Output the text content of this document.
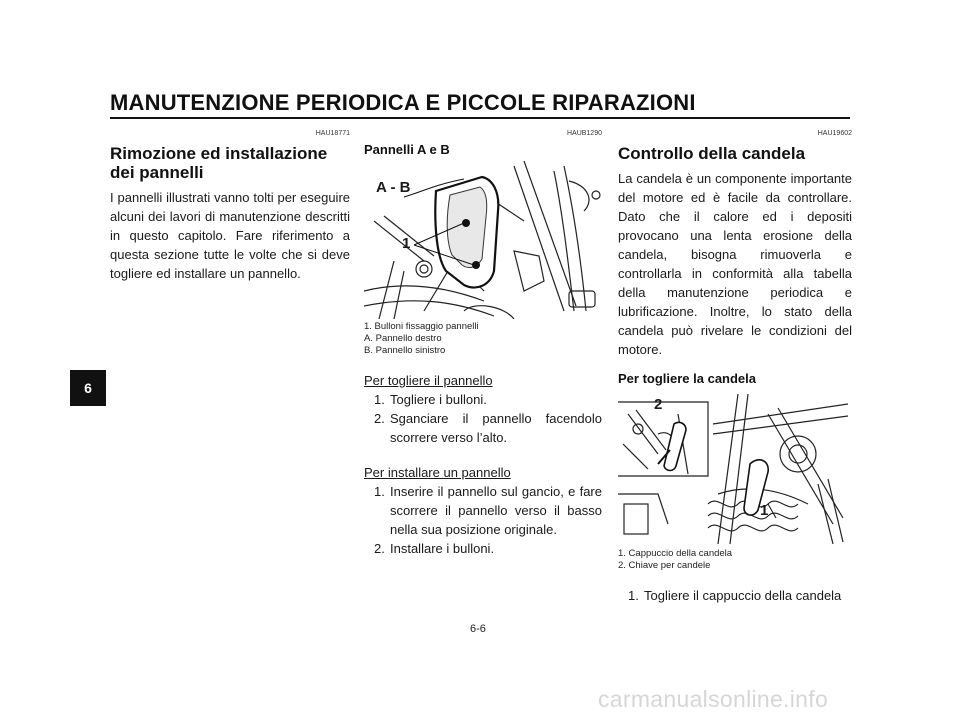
MANUTENZIONE PERIODICA E PICCOLE RIPARAZIONI
6
HAU18771
Rimozione ed installazione
dei pannelli

I pannelli illustrati vanno tolti per eseguire alcuni dei lavori di manutenzione descritti in questo capitolo. Fare riferimento a questa sezione tutte le volte che si deve togliere ed installare un pannello.

HAUB1290
Pannelli A e B
A - B
1
1. Bulloni fissaggio pannelli
A. Pannello destro
B. Pannello sinistro
Per togliere il pannello
1. Togliere i bulloni.
2. Sganciare il pannello facendolo scorrere verso l’alto.
Per installare un pannello
1. Inserire il pannello sul gancio, e fare scorrere il pannello verso il basso nella sua posizione originale.
2. Installare i bulloni.
HAU19602
Controllo della candela

La candela è un componente importante del motore ed è facile da controllare. Dato che il calore ed i depositi provocano una lenta erosione della candela, bisogna rimuoverla e controllarla in conformità alla tabella della manutenzione periodica e lubrificazione. Inoltre, lo stato della candela può rivelare le condizioni del motore.

Per togliere la candela
2
1
1. Cappuccio della candela
2. Chiave per candele
1. Togliere il cappuccio della candela
6-6
carmanualsonline.info
